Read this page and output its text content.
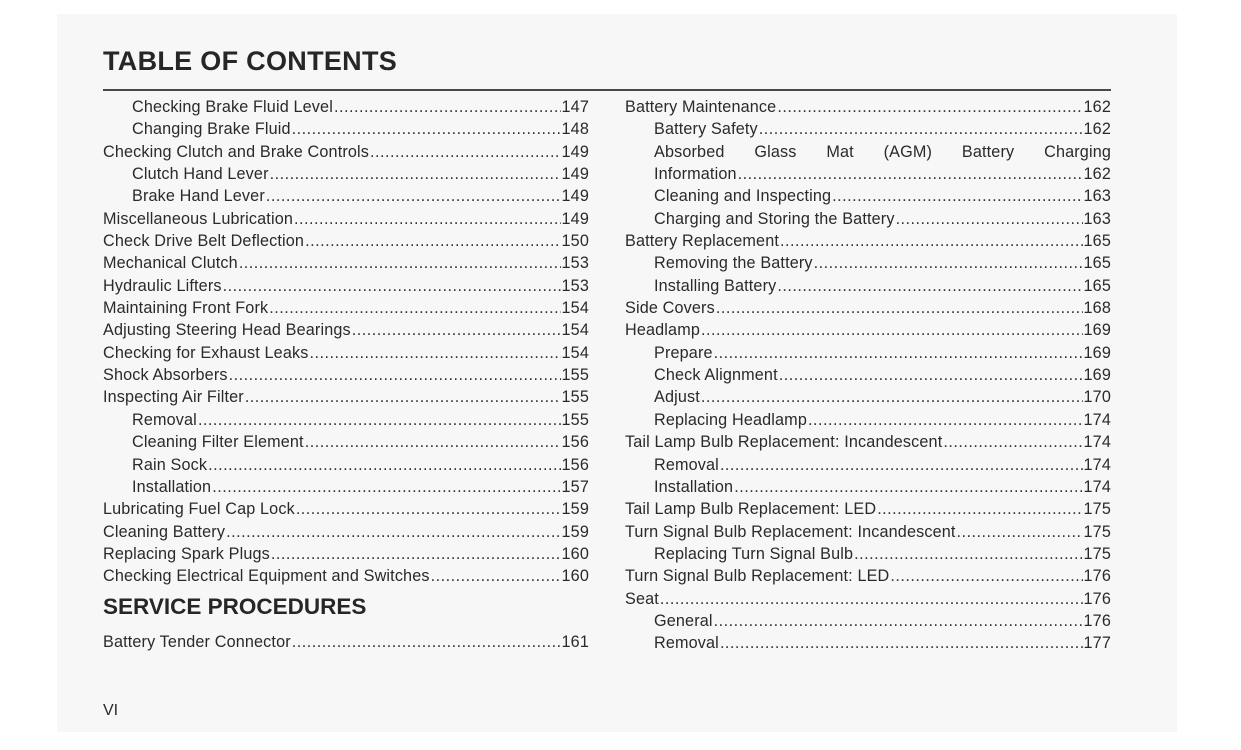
TABLE OF CONTENTS
Checking Brake Fluid Level .....	147
Changing Brake Fluid .....	148
Checking Clutch and Brake Controls .....	149
Clutch Hand Lever .....	149
Brake Hand Lever .....	149
Miscellaneous Lubrication .....	149
Check Drive Belt Deflection .....	150
Mechanical Clutch .....	153
Hydraulic Lifters .....	153
Maintaining Front Fork .....	154
Adjusting Steering Head Bearings .....	154
Checking for Exhaust Leaks .....	154
Shock Absorbers .....	155
Inspecting Air Filter .....	155
Removal .....	155
Cleaning Filter Element .....	156
Rain Sock .....	156
Installation .....	157
Lubricating Fuel Cap Lock .....	159
Cleaning Battery .....	159
Replacing Spark Plugs .....	160
Checking Electrical Equipment and Switches .....	160
SERVICE PROCEDURES
Battery Tender Connector .....	161
Battery Maintenance .....	162
Battery Safety .....	162
Absorbed Glass Mat (AGM) Battery Charging
Information .....	162
Cleaning and Inspecting .....	163
Charging and Storing the Battery .....	163
Battery Replacement .....	165
Removing the Battery .....	165
Installing Battery .....	165
Side Covers .....	168
Headlamp .....	169
Prepare .....	169
Check Alignment .....	169
Adjust .....	170
Replacing Headlamp .....	174
Tail Lamp Bulb Replacement: Incandescent .....	174
Removal .....	174
Installation .....	174
Tail Lamp Bulb Replacement: LED .....	175
Turn Signal Bulb Replacement: Incandescent .....	175
Replacing Turn Signal Bulb .....	175
Turn Signal Bulb Replacement: LED .....	176
Seat .....	176
General .....	176
Removal .....	177
VI
